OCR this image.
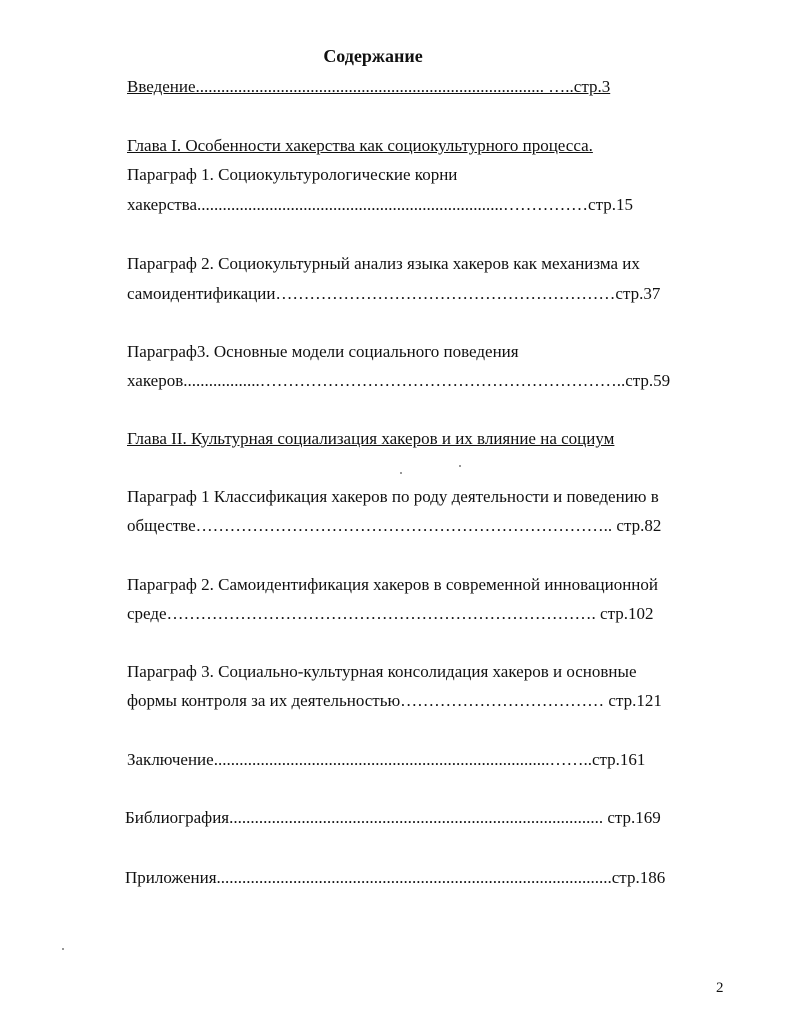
Содержание
Введение.................................................................................. …..стр.3
Глава I. Особенности хакерства как социокультурного процесса.
Параграф 1. Социокультурологические корни
хакерства........................................................................……………стр.15
Параграф 2. Социокультурный анализ языка хакеров как механизма их
самоидентификации……………………………………………………стр.37
Параграф3. Основные модели социального поведения
хакеров..................………………………………………………………..стр.59
Глава II. Культурная социализация хакеров и их влияние на социум
Параграф 1 Классификация хакеров по роду деятельности и поведению в
обществе……………………………………………………………….. стр.82
Параграф 2. Самоидентификация хакеров в современной инновационной
среде…………………………………………………………………. стр.102
Параграф 3. Социально-культурная консолидация хакеров и основные
формы контроля за их деятельностью……………………………… стр.121
Заключение...............................................................................……..стр.161
Библиография........................................................................................ стр.169
Приложения.............................................................................................стр.186
2
